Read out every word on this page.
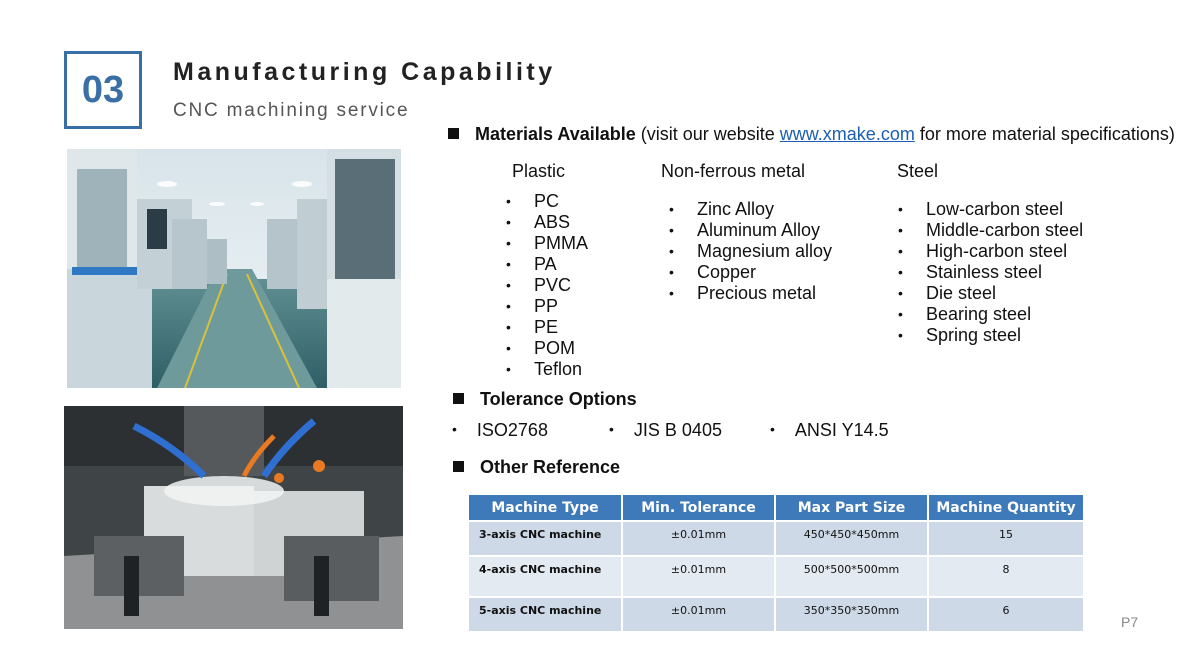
03 Manufacturing Capability
CNC machining service
Materials Available (visit our website www.xmake.com for more material specifications)
Plastic	Non-ferrous metal	Steel
• PC
• ABS
• PMMA
• PA
• PVC
• PP
• PE
• POM
• Teflon
• Zinc Alloy
• Aluminum Alloy
• Magnesium alloy
• Copper
• Precious metal
• Low-carbon steel
• Middle-carbon steel
• High-carbon steel
• Stainless steel
• Die steel
• Bearing steel
• Spring steel
Tolerance Options
• ISO2768	• JIS B 0405	• ANSI Y14.5
Other Reference
Machine Type	Min. Tolerance	Max Part Size	Machine Quantity
3-axis CNC machine	±0.01mm	450*450*450mm	15
4-axis CNC machine	±0.01mm	500*500*500mm	8
5-axis CNC machine	±0.01mm	350*350*350mm	6
P7
